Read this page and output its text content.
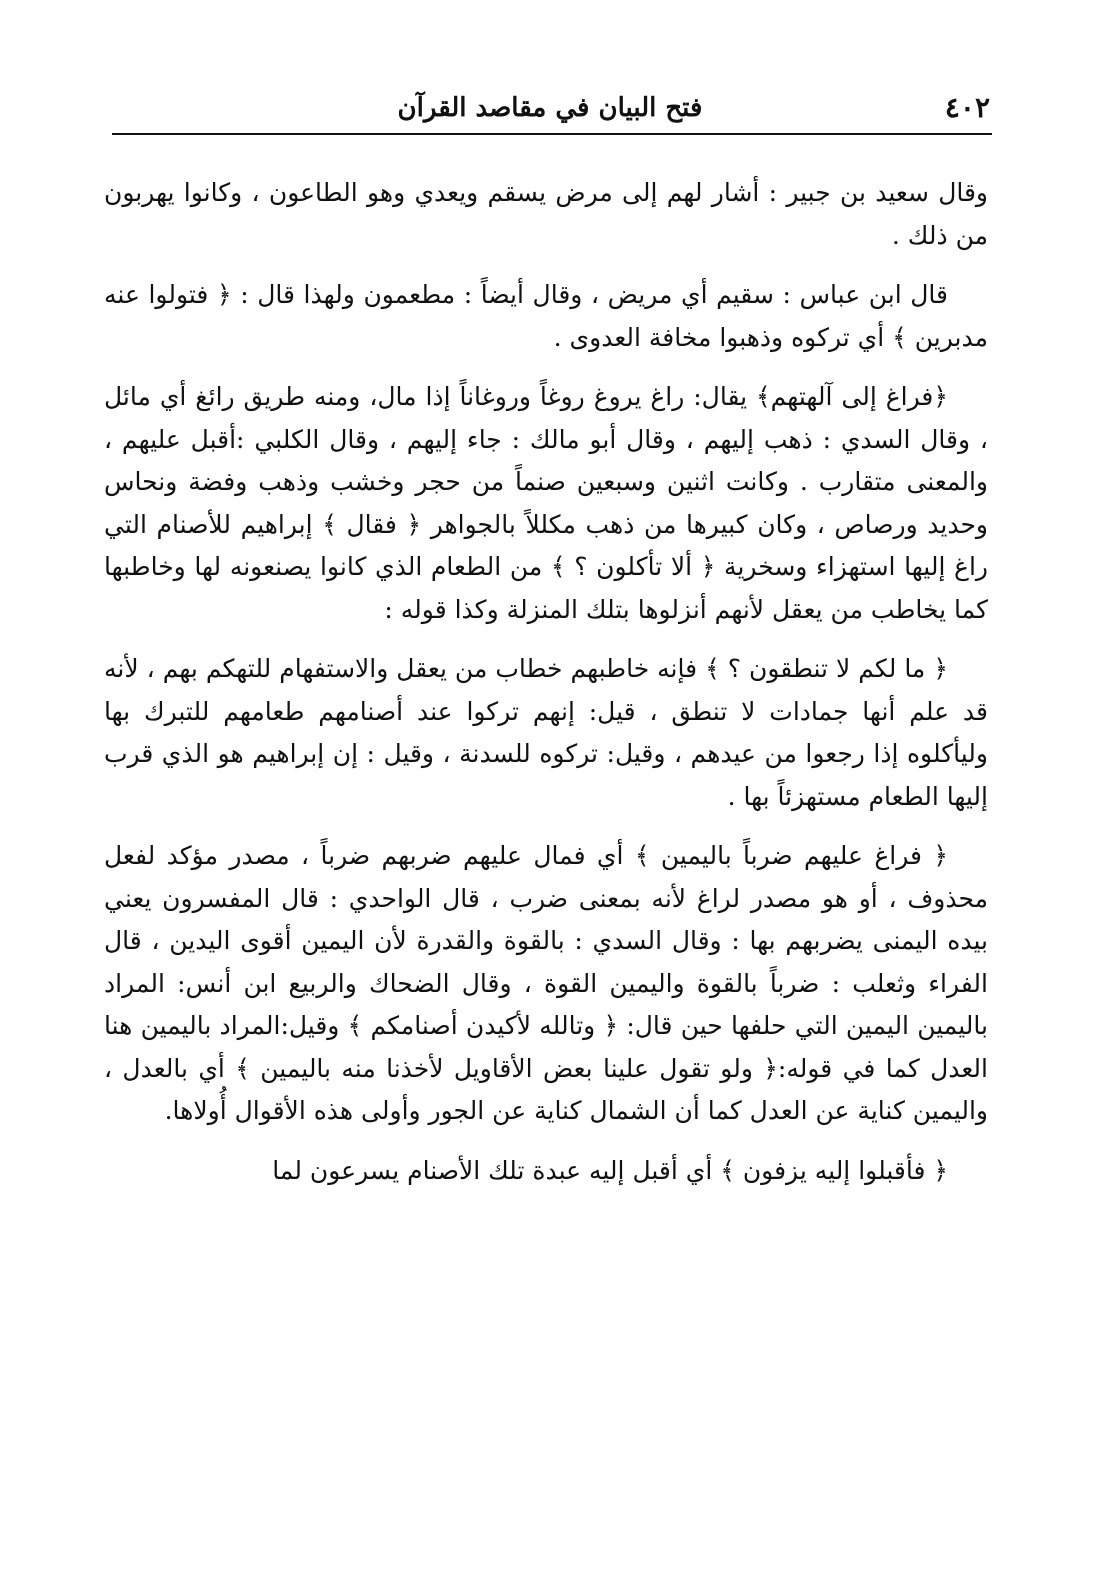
٤٠٢
فتح البيان في مقاصد القرآن

وقال سعيد بن جبير : أشار لهم إلى مرض يسقم ويعدي وهو الطاعون ، وكانوا يهربون من ذلك .

قال ابن عباس : سقيم أي مريض ، وقال أيضاً : مطعمون ولهذا قال : ﴿ فتولوا عنه مدبرين ﴾ أي تركوه وذهبوا مخافة العدوى .

﴿فراغ إلى آلهتهم﴾ يقال: راغ يروغ روغاً وروغاناً إذا مال، ومنه طريق رائغ أي مائل ، وقال السدي : ذهب إليهم ، وقال أبو مالك : جاء إليهم ، وقال الكلبي :أقبل عليهم ، والمعنى متقارب . وكانت اثنين وسبعين صنماً من حجر وخشب وذهب وفضة ونحاس وحديد ورصاص ، وكان كبيرها من ذهب مكللاً بالجواهر ﴿ فقال ﴾ إبراهيم للأصنام التي راغ إليها استهزاء وسخرية ﴿ ألا تأكلون ؟ ﴾ من الطعام الذي كانوا يصنعونه لها وخاطبها كما يخاطب من يعقل لأنهم أنزلوها بتلك المنزلة وكذا قوله :

﴿ ما لكم لا تنطقون ؟ ﴾ فإنه خاطبهم خطاب من يعقل والاستفهام للتهكم بهم ، لأنه قد علم أنها جمادات لا تنطق ، قيل: إنهم تركوا عند أصنامهم طعامهم للتبرك بها وليأكلوه إذا رجعوا من عيدهم ، وقيل: تركوه للسدنة ، وقيل : إن إبراهيم هو الذي قرب إليها الطعام مستهزئاً بها .

﴿ فراغ عليهم ضرباً باليمين ﴾ أي فمال عليهم ضربهم ضرباً ، مصدر مؤكد لفعل محذوف ، أو هو مصدر لراغ لأنه بمعنى ضرب ، قال الواحدي : قال المفسرون يعني بيده اليمنى يضربهم بها : وقال السدي : بالقوة والقدرة لأن اليمين أقوى اليدين ، قال الفراء وثعلب : ضرباً بالقوة واليمين القوة ، وقال الضحاك والربيع ابن أنس: المراد باليمين اليمين التي حلفها حين قال: ﴿ وتالله لأكيدن أصنامكم ﴾ وقيل:المراد باليمين هنا العدل كما في قوله:﴿ ولو تقول علينا بعض الأقاويل لأخذنا منه باليمين ﴾ أي بالعدل ، واليمين كناية عن العدل كما أن الشمال كناية عن الجور وأولى هذه الأقوال أُولاها.

﴿ فأقبلوا إليه يزفون ﴾ أي أقبل إليه عبدة تلك الأصنام يسرعون لما
